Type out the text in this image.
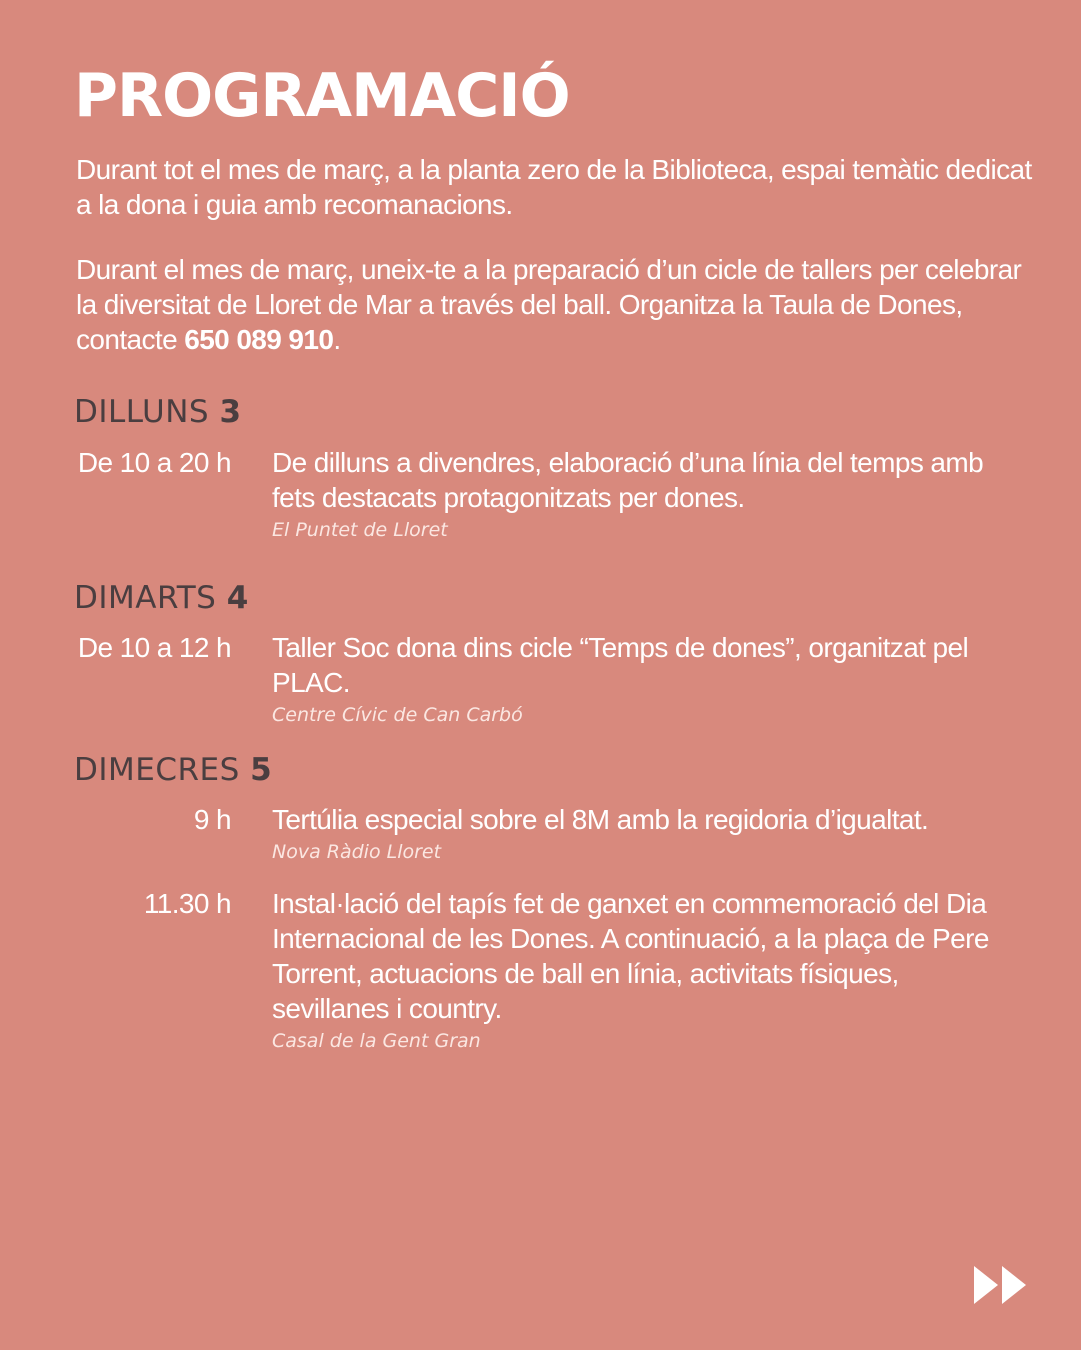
PROGRAMACIÓ

Durant tot el mes de març, a la planta zero de la Biblioteca, espai temàtic dedicat a la dona i guia amb recomanacions.

Durant el mes de març, uneix-te a la preparació d’un cicle de tallers per celebrar la diversitat de Lloret de Mar a través del ball. Organitza la Taula de Dones, contacte 650 089 910.

DILLUNS 3
De 10 a 20 h De dilluns a divendres, elaboració d’una línia del temps amb fets destacats protagonitzats per dones.
El Puntet de Lloret
DIMARTS 4
De 10 a 12 h Taller Soc dona dins cicle “Temps de dones”, organitzat pel PLAC.
Centre Cívic de Can Carbó
DIMECRES 5
9 h Tertúlia especial sobre el 8M amb la regidoria d’igualtat.
Nova Ràdio Lloret
11.30 h Instal·lació del tapís fet de ganxet en commemoració del Dia Internacional de les Dones. A continuació, a la plaça de Pere Torrent, actuacions de ball en línia, activitats físiques, sevillanes i country.
Casal de la Gent Gran
